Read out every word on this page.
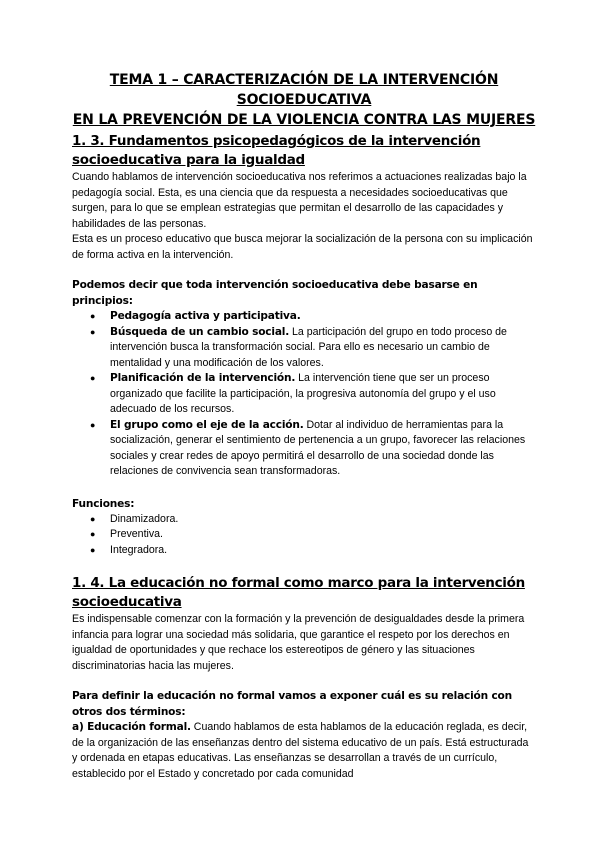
TEMA 1 – CARACTERIZACIÓN DE LA INTERVENCIÓN SOCIOEDUCATIVA
EN LA PREVENCIÓN DE LA VIOLENCIA CONTRA LAS MUJERES
1. 3. Fundamentos psicopedagógicos de la intervención socioeducativa para la igualdad

Cuando hablamos de intervención socioeducativa nos referimos a actuaciones realizadas bajo la pedagogía social. Esta, es una ciencia que da respuesta a necesidades socioeducativas que surgen, para lo que se emplean estrategias que permitan el desarrollo de las capacidades y habilidades de las personas.

Esta es un proceso educativo que busca mejorar la socialización de la persona con su implicación de forma activa en la intervención.

Podemos decir que toda intervención socioeducativa debe basarse en principios:

● Pedagogía activa y participativa.
● Búsqueda de un cambio social. La participación del grupo en todo proceso de intervención busca la transformación social. Para ello es necesario un cambio de mentalidad y una modificación de los valores.
● Planificación de la intervención. La intervención tiene que ser un proceso organizado que facilite la participación, la progresiva autonomía del grupo y el uso adecuado de los recursos.
● El grupo como el eje de la acción. Dotar al individuo de herramientas para la socialización, generar el sentimiento de pertenencia a un grupo, favorecer las relaciones sociales y crear redes de apoyo permitirá el desarrollo de una sociedad donde las relaciones de convivencia sean transformadoras.

Funciones:

● Dinamizadora.
● Preventiva.
● Integradora.
1. 4. La educación no formal como marco para la intervención socioeducativa

Es indispensable comenzar con la formación y la prevención de desigualdades desde la primera infancia para lograr una sociedad más solidaria, que garantice el respeto por los derechos en igualdad de oportunidades y que rechace los estereotipos de género y las situaciones discriminatorias hacia las mujeres.

Para definir la educación no formal vamos a exponer cuál es su relación con otros dos términos:

a) Educación formal. Cuando hablamos de esta hablamos de la educación reglada, es decir, de la organización de las enseñanzas dentro del sistema educativo de un país. Está estructurada y ordenada en etapas educativas. Las enseñanzas se desarrollan a través de un currículo, establecido por el Estado y concretado por cada comunidad
